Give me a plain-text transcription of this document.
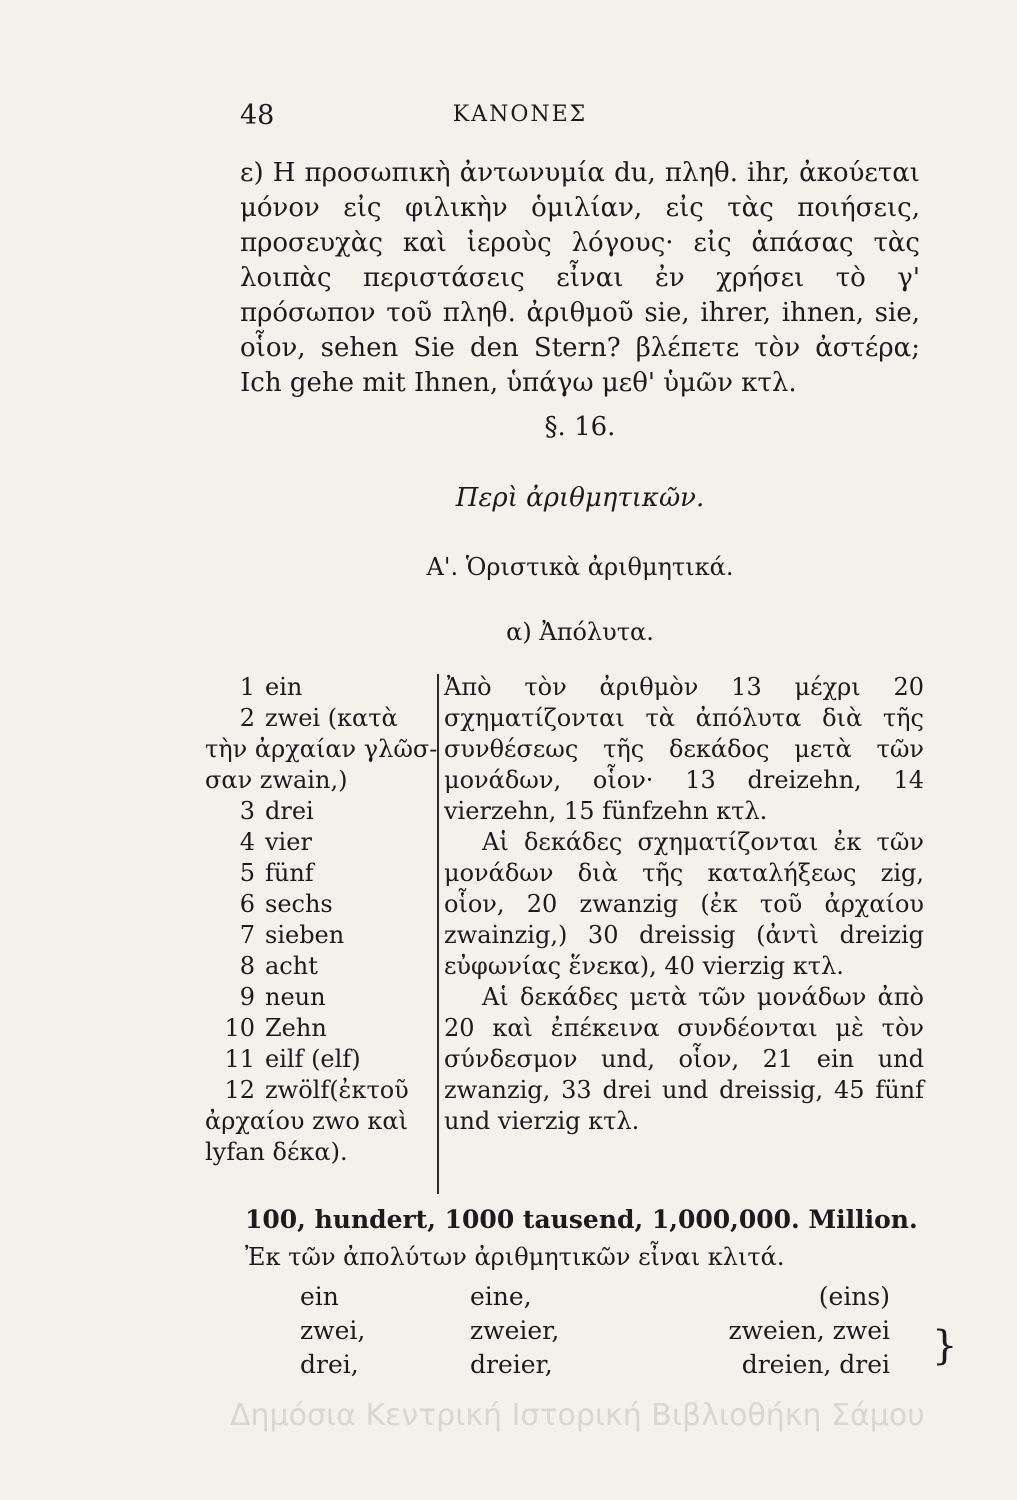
48	ΚΑΝΟΝΕΣ

ε) Η προσωπικὴ ἀντωνυμία du, πληθ. ihr, ἀκούεται μόνον εἰς φιλικὴν ὁμιλίαν, εἰς τὰς ποιήσεις, προσευχὰς καὶ ἱεροὺς λόγους· εἰς ἁπάσας τὰς λοιπὰς περιστάσεις εἶναι ἐν χρήσει τὸ γ' πρόσωπον τοῦ πληθ. ἀριθμοῦ sie, ihrer, ihnen, sie, οἷον, sehen Sie den Stern? βλέπετε τὸν ἀστέρα; Ich gehe mit Ihnen, ὑπάγω μεθ' ὑμῶν κτλ.

§. 16.
Περὶ ἀριθμητικῶν.
Α'. Ὁριστικὰ ἀριθμητικά.
α) Ἀπόλυτα.
1 ein
2 zwei (κατὰ
τὴν ἀρχαίαν γλῶσ-
σαν zwain,)
3 drei
4 vier
5 fünf
6 sechs
7 sieben
8 acht
9 neun
10 Zehn
11 eilf (elf)
12 zwölf(ἐκτοῦ
ἀρχαίου zwo καὶ
lyfan δέκα).

Ἀπὸ τὸν ἀριθμὸν 13 μέχρι 20 σχηματίζονται τὰ ἀπόλυτα διὰ τῆς συνθέσεως τῆς δεκάδος μετὰ τῶν μονάδων, οἷον· 13 dreizehn, 14 vierzehn, 15 fünfzehn κτλ.

Αἱ δεκάδες σχηματίζονται ἐκ τῶν μονάδων διὰ τῆς καταλήξεως zig, οἷον, 20 zwanzig (ἐκ τοῦ ἀρχαίου zwainzig,) 30 dreissig (ἀντὶ dreizig εὐφωνίας ἕνεκα), 40 vierzig κτλ.

Αἱ δεκάδες μετὰ τῶν μονάδων ἀπὸ 20 καὶ ἐπέκεινα συνδέονται μὲ τὸν σύνδεσμον und, οἷον, 21 ein und zwanzig, 33 drei und dreissig, 45 fünf und vierzig κτλ.

100, hundert, 1000 tausend, 1,000,000. Million.
Ἐκ τῶν ἀπολύτων ἀριθμητικῶν εἶναι κλιτά.
ein	eine,	(eins)
zwei,	zweier,	zweien, zwei
drei,	dreier,	dreien, drei }
Δημόσια Κεντρική Ιστορική Βιβλιοθήκη Σάμου
